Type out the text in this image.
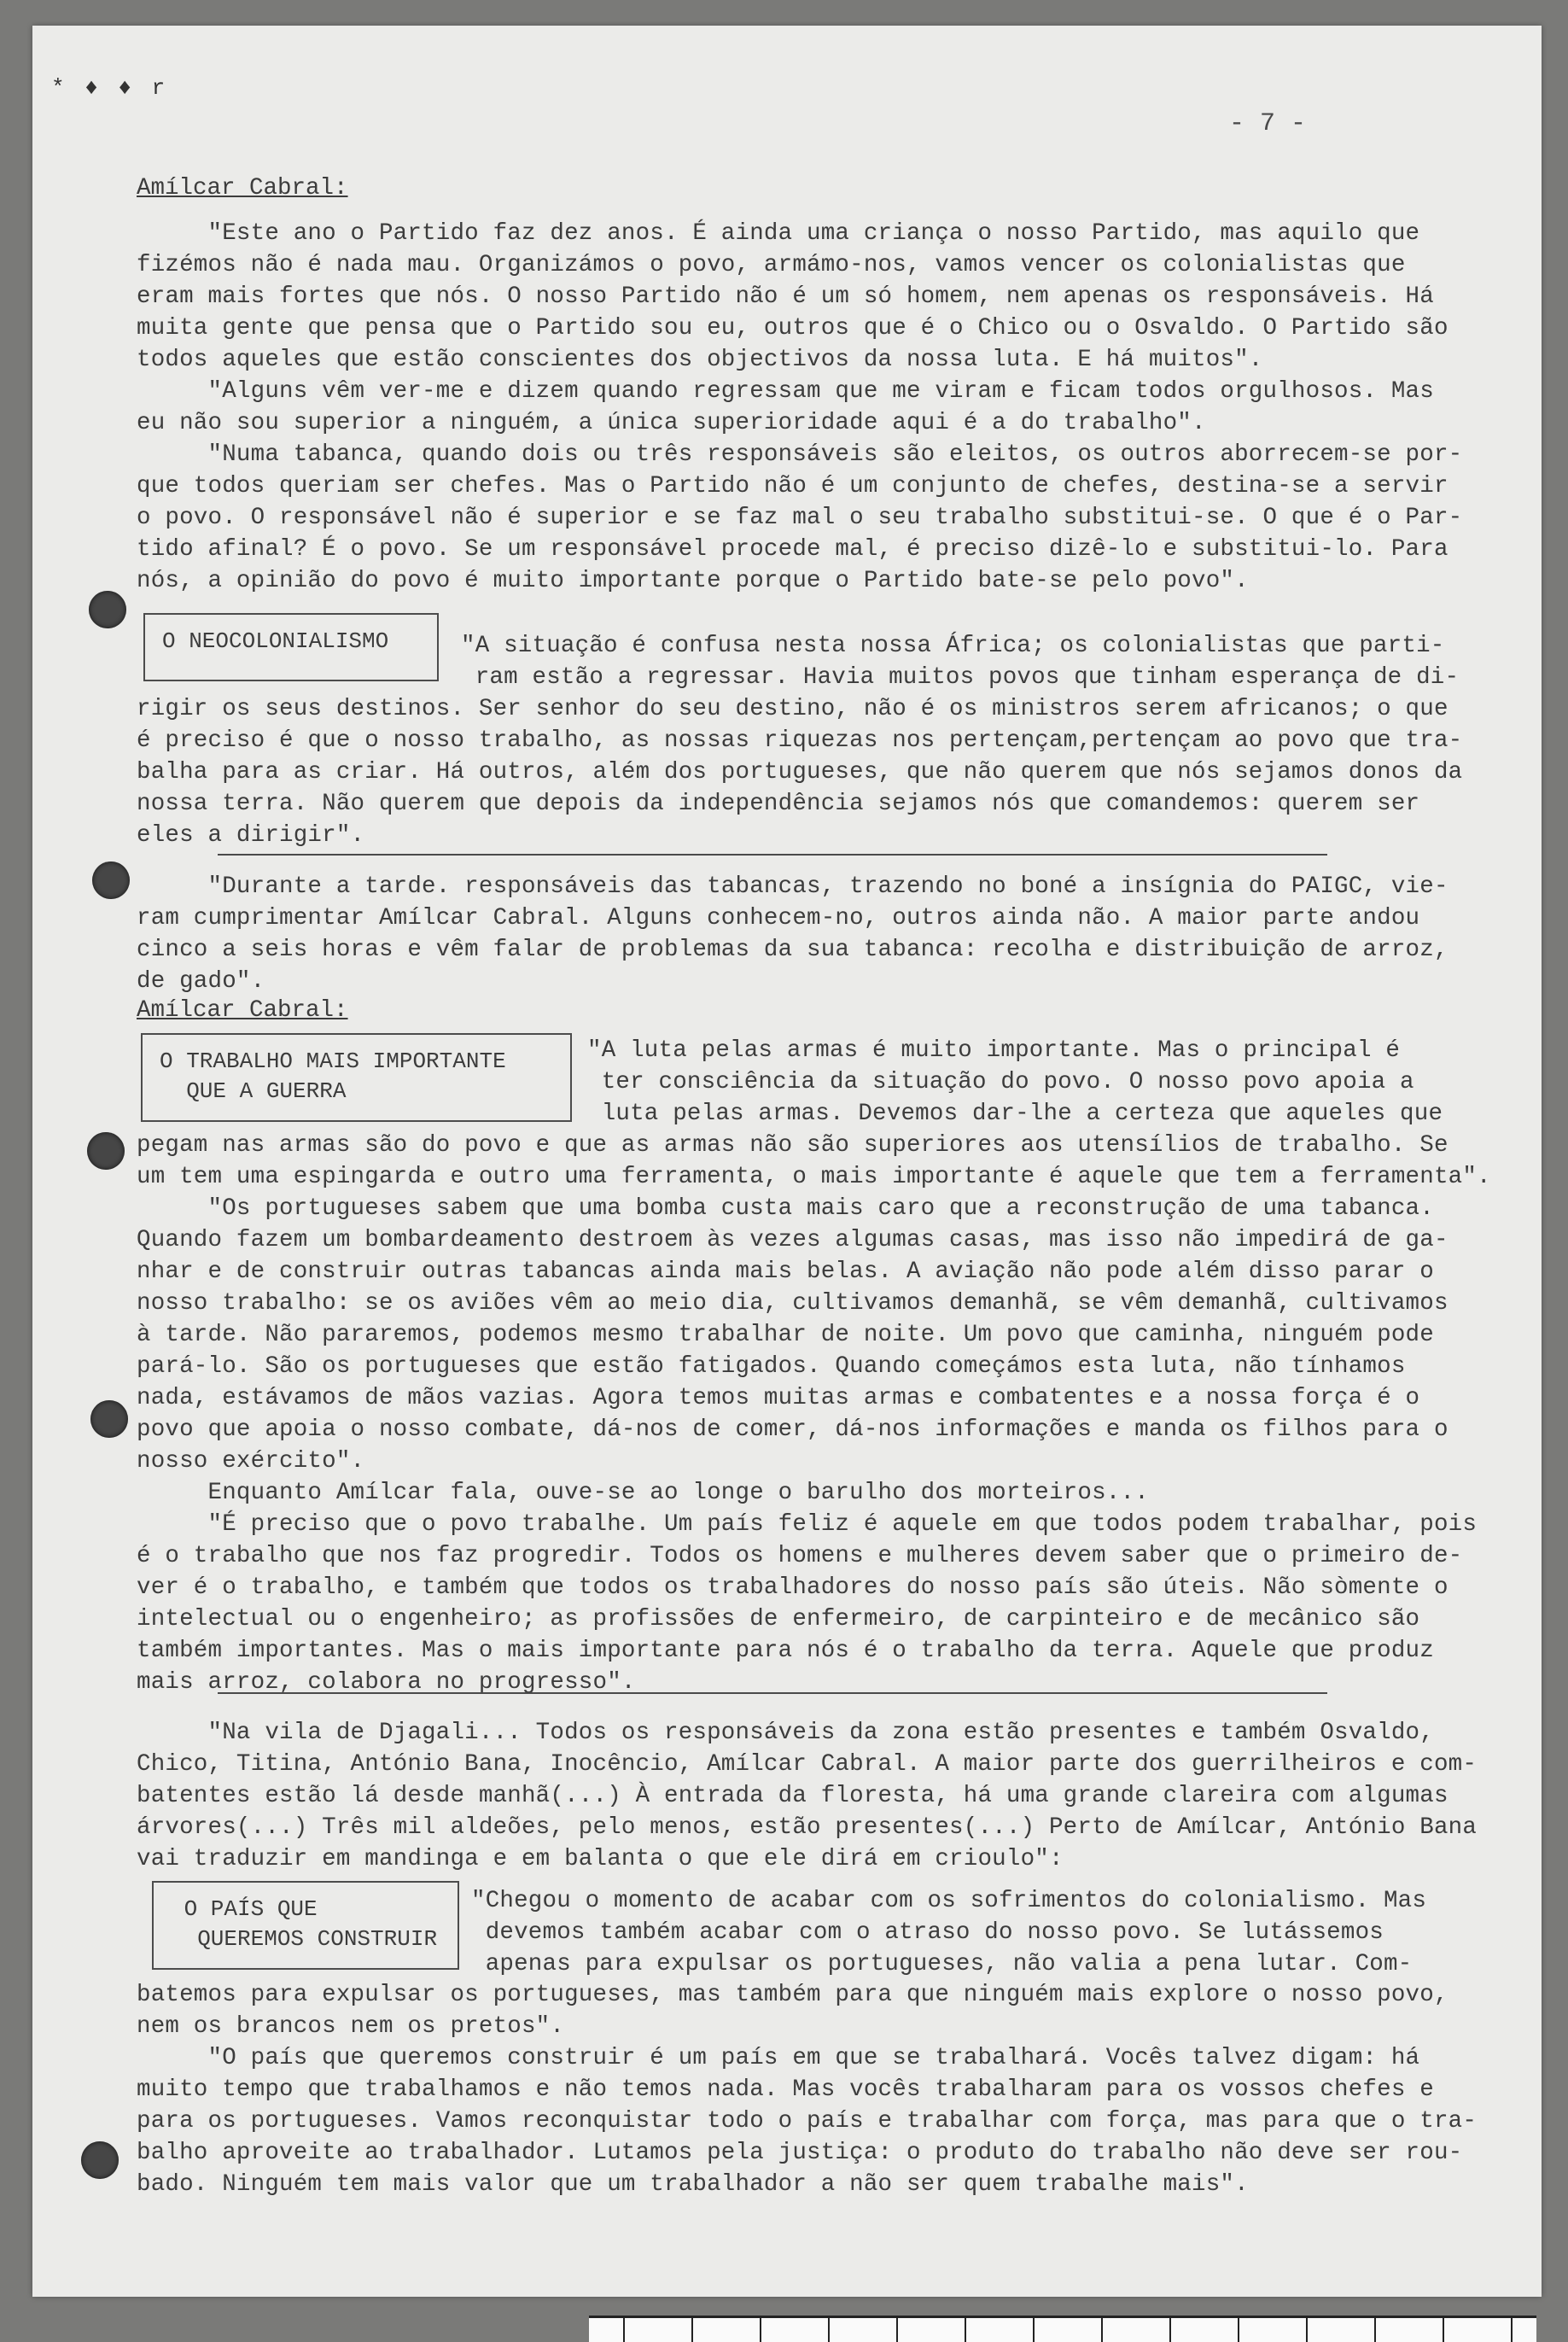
* ♦ ♦ r
- 7 -
Amílcar Cabral:
"Este ano o Partido faz dez anos. É ainda uma criança o nosso Partido, mas aquilo que
fizémos não é nada mau. Organizámos o povo, armámo-nos, vamos vencer os colonialistas que
eram mais fortes que nós. O nosso Partido não é um só homem, nem apenas os responsáveis. Há
muita gente que pensa que o Partido sou eu, outros que é o Chico ou o Osvaldo. O Partido são
todos aqueles que estão conscientes dos objectivos da nossa luta. E há muitos".
"Alguns vêm ver-me e dizem quando regressam que me viram e ficam todos orgulhosos. Mas
eu não sou superior a ninguém, a única superioridade aqui é a do trabalho".
"Numa tabanca, quando dois ou três responsáveis são eleitos, os outros aborrecem-se por-
que todos queriam ser chefes. Mas o Partido não é um conjunto de chefes, destina-se a servir
o povo. O responsável não é superior e se faz mal o seu trabalho substitui-se. O que é o Par-
tido afinal? É o povo. Se um responsável procede mal, é preciso dizê-lo e substitui-lo. Para
nós, a opinião do povo é muito importante porque o Partido bate-se pelo povo".
O NEOCOLONIALISMO	"A situação é confusa nesta nossa África; os colonialistas que parti-
ram estão a regressar. Havia muitos povos que tinham esperança de di-
rigir os seus destinos. Ser senhor do seu destino, não é os ministros serem africanos; o que
é preciso é que o nosso trabalho, as nossas riquezas nos pertençam,pertençam ao povo que tra-
balha para as criar. Há outros, além dos portugueses, que não querem que nós sejamos donos da
nossa terra. Não querem que depois da independência sejamos nós que comandemos: querem ser
eles a dirigir".
"Durante a tarde. responsáveis das tabancas, trazendo no boné a insígnia do PAIGC, vie-
ram cumprimentar Amílcar Cabral. Alguns conhecem-no, outros ainda não. A maior parte andou
cinco a seis horas e vêm falar de problemas da sua tabanca: recolha e distribuição de arroz,
de gado".
Amílcar Cabral:
O TRABALHO MAIS IMPORTANTE
QUE A GUERRA
"A luta pelas armas é muito importante. Mas o principal é
ter consciência da situação do povo. O nosso povo apoia a
luta pelas armas. Devemos dar-lhe a certeza que aqueles que
pegam nas armas são do povo e que as armas não são superiores aos utensílios de trabalho. Se
um tem uma espingarda e outro uma ferramenta, o mais importante é aquele que tem a ferramenta".
"Os portugueses sabem que uma bomba custa mais caro que a reconstrução de uma tabanca.
Quando fazem um bombardeamento destroem às vezes algumas casas, mas isso não impedirá de ga-
nhar e de construir outras tabancas ainda mais belas. A aviação não pode além disso parar o
nosso trabalho: se os aviões vêm ao meio dia, cultivamos demanhã, se vêm demanhã, cultivamos
à tarde. Não pararemos, podemos mesmo trabalhar de noite. Um povo que caminha, ninguém pode
pará-lo. São os portugueses que estão fatigados. Quando começámos esta luta, não tínhamos
nada, estávamos de mãos vazias. Agora temos muitas armas e combatentes e a nossa força é o
povo que apoia o nosso combate, dá-nos de comer, dá-nos informações e manda os filhos para o
nosso exército".
Enquanto Amílcar fala, ouve-se ao longe o barulho dos morteiros...
"É preciso que o povo trabalhe. Um país feliz é aquele em que todos podem trabalhar, pois
é o trabalho que nos faz progredir. Todos os homens e mulheres devem saber que o primeiro de-
ver é o trabalho, e também que todos os trabalhadores do nosso país são úteis. Não sòmente o
intelectual ou o engenheiro; as profissões de enfermeiro, de carpinteiro e de mecânico são
também importantes. Mas o mais importante para nós é o trabalho da terra. Aquele que produz
mais arroz, colabora no progresso".
"Na vila de Djagali... Todos os responsáveis da zona estão presentes e também Osvaldo,
Chico, Titina, António Bana, Inocêncio, Amílcar Cabral. A maior parte dos guerrilheiros e com-
batentes estão lá desde manhã(...) À entrada da floresta, há uma grande clareira com algumas
árvores(...) Três mil aldeões, pelo menos, estão presentes(...) Perto de Amílcar, António Bana
vai traduzir em mandinga e em balanta o que ele dirá em crioulo":
O PAÍS QUE
QUEREMOS CONSTRUIR
"Chegou o momento de acabar com os sofrimentos do colonialismo. Mas
devemos também acabar com o atraso do nosso povo. Se lutássemos
apenas para expulsar os portugueses, não valia a pena lutar. Com-
batemos para expulsar os portugueses, mas também para que ninguém mais explore o nosso povo,
nem os brancos nem os pretos".
"O país que queremos construir é um país em que se trabalhará. Vocês talvez digam: há
muito tempo que trabalhamos e não temos nada. Mas vocês trabalharam para os vossos chefes e
para os portugueses. Vamos reconquistar todo o país e trabalhar com força, mas para que o tra-
balho aproveite ao trabalhador. Lutamos pela justiça: o produto do trabalho não deve ser rou-
bado. Ninguém tem mais valor que um trabalhador a não ser quem trabalhe mais".
